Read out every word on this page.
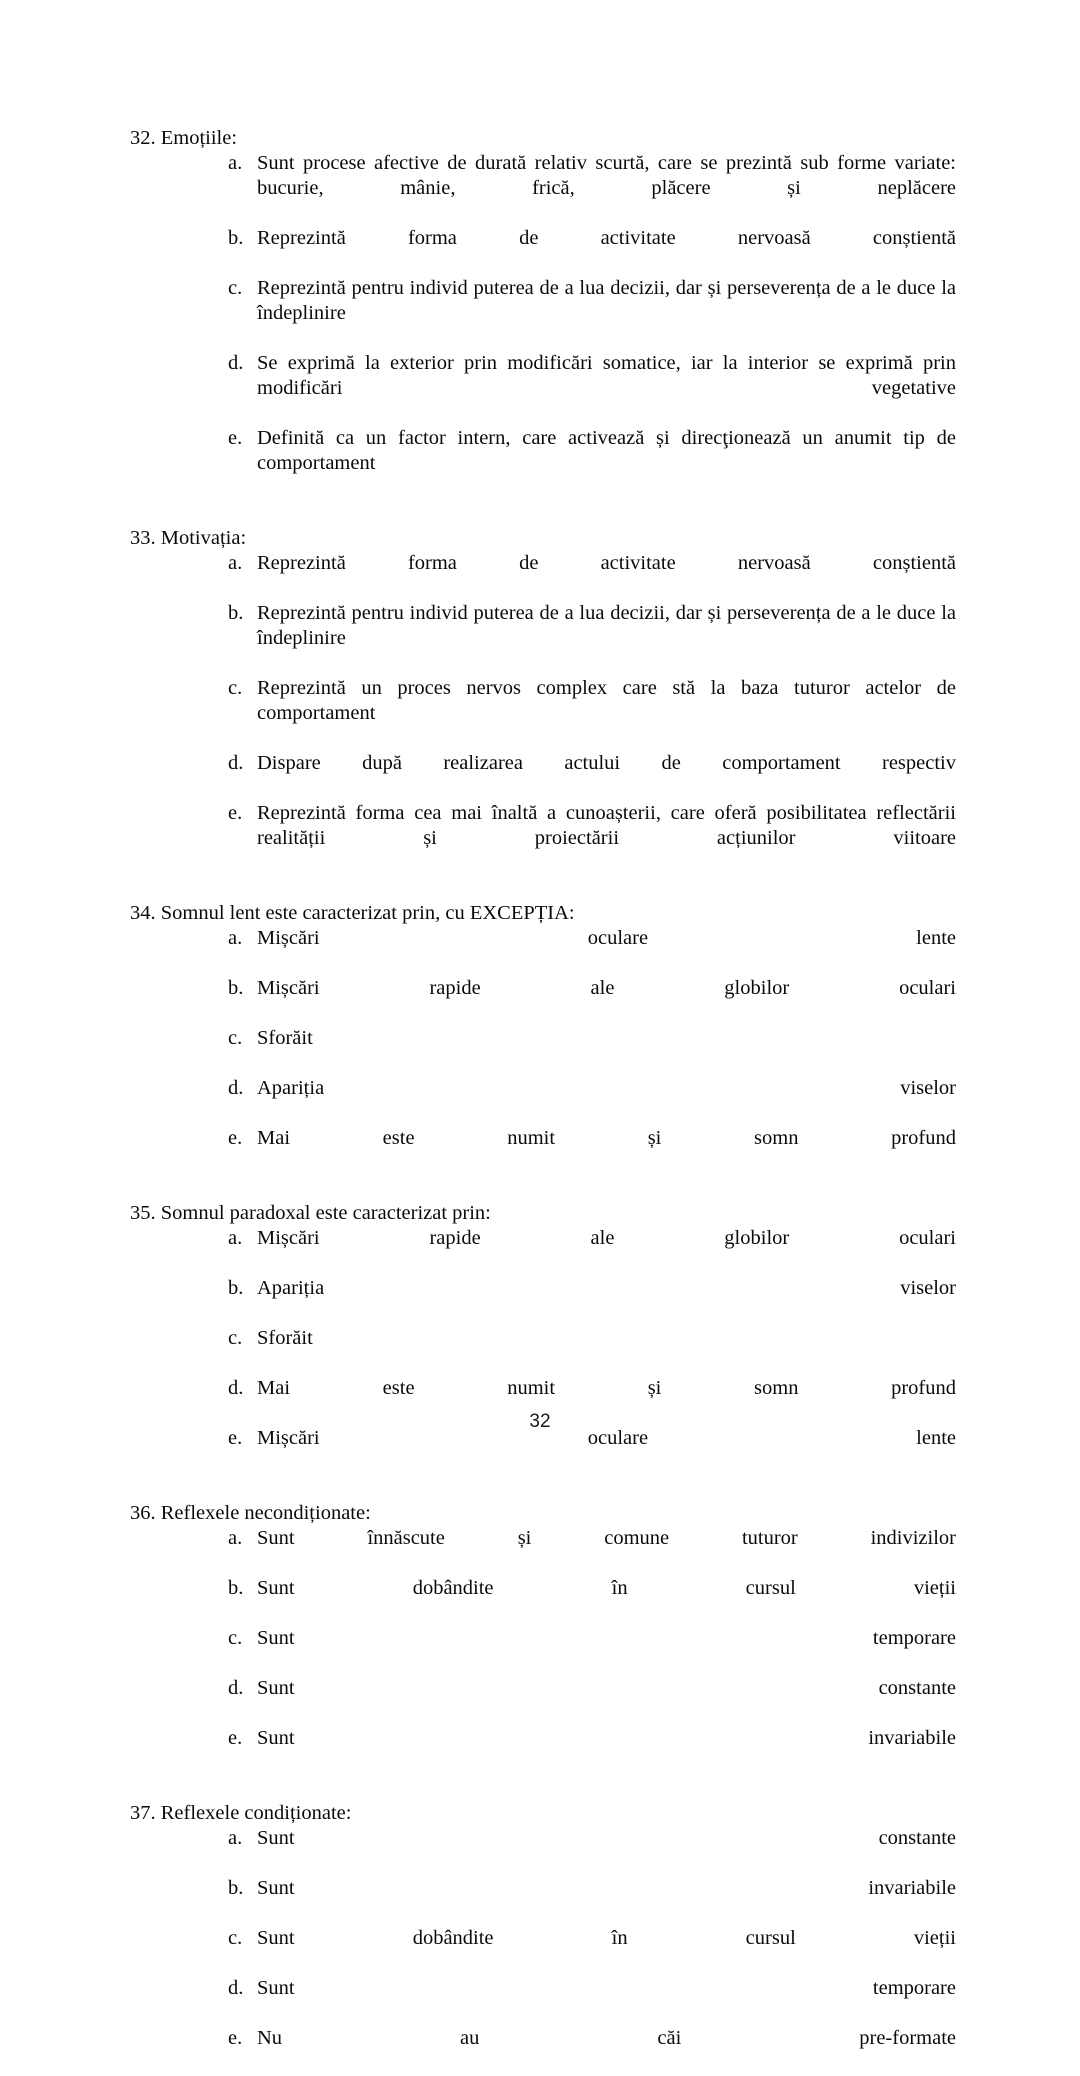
32. Emoțiile:

a. Sunt procese afective de durată relativ scurtă, care se prezintă sub forme variate: bucurie, mânie, frică, plăcere și neplăcere
b. Reprezintă forma de activitate nervoasă conștientă
c. Reprezintă pentru individ puterea de a lua decizii, dar și perseverența de a le duce la îndeplinire
d. Se exprimă la exterior prin modificări somatice, iar la interior se exprimă prin modificări vegetative
e. Definită ca un factor intern, care activează și direcţionează un anumit tip de comportament

33. Motivația:

a. Reprezintă forma de activitate nervoasă conștientă
b. Reprezintă pentru individ puterea de a lua decizii, dar și perseverența de a le duce la îndeplinire
c. Reprezintă un proces nervos complex care stă la baza tuturor actelor de comportament
d. Dispare după realizarea actului de comportament respectiv
e. Reprezintă forma cea mai înaltă a cunoașterii, care oferă posibilitatea reflectării realității și proiectării acțiunilor viitoare

34. Somnul lent este caracterizat prin, cu EXCEPȚIA:

a. Mișcări oculare lente
b. Mișcări rapide ale globilor oculari
c. Sforăit
d. Apariția viselor
e. Mai este numit și somn profund

35. Somnul paradoxal este caracterizat prin:

a. Mișcări rapide ale globilor oculari
b. Apariția viselor
c. Sforăit
d. Mai este numit și somn profund
e. Mișcări oculare lente

36. Reflexele necondiționate:

a. Sunt înnăscute și comune tuturor indivizilor
b. Sunt dobândite în cursul vieții
c. Sunt temporare
d. Sunt constante
e. Sunt invariabile

37. Reflexele condiționate:

a. Sunt constante
b. Sunt invariabile
c. Sunt dobândite în cursul vieții
d. Sunt temporare
e. Nu au căi pre-formate
32
